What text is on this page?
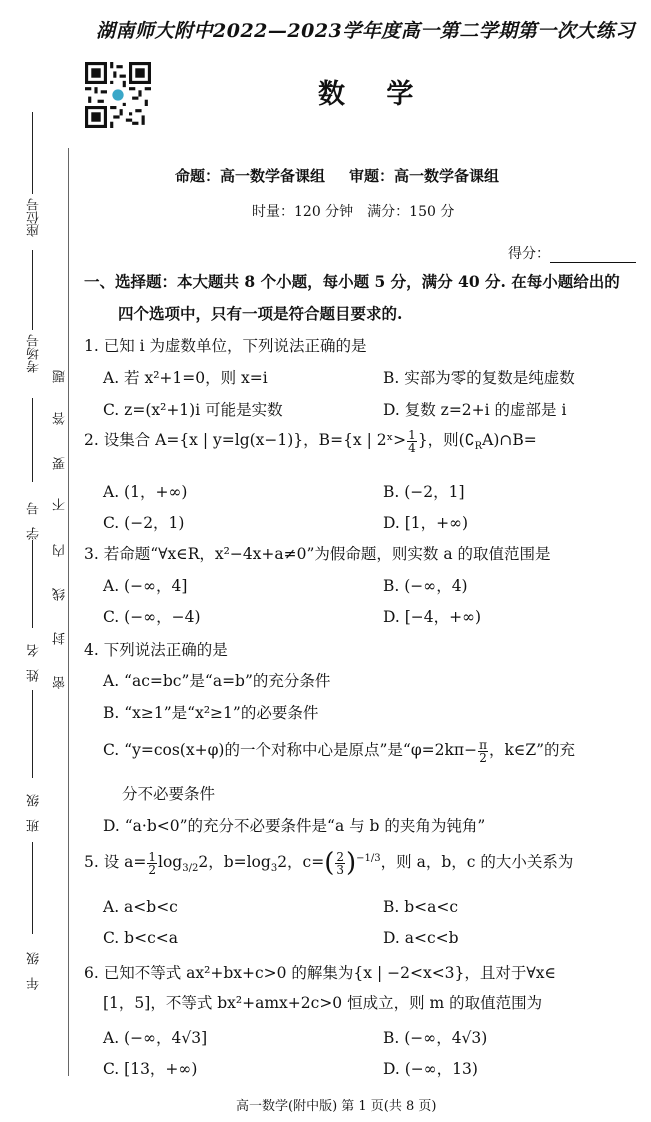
湖南师大附中2022—2023学年度高一第二学期第一次大练习
数 学
命题：高一数学备课组 审题：高一数学备课组
时量：120 分钟 满分：150 分
得分：
座位号
考场号
学号
姓名
班级
年级
题
答
要
不
内
线
封
密
一、选择题：本大题共 8 个小题，每小题 5 分，满分 40 分. 在每小题给出的
四个选项中，只有一项是符合题目要求的.
1. 已知 i 为虚数单位，下列说法正确的是
A. 若 x²+1=0，则 x=i	B. 实部为零的复数是纯虚数
C. z=(x²+1)i 可能是实数	D. 复数 z=2+i 的虚部是 i
2. 设集合 A={x | y=lg(x−1)}，B={x | 2ˣ> $\frac{1}{4}$ }，则$(∁_RA)\cap B=$
A. (1，+∞)	B. (−2，1]
C. (−2，1)	D. [1，+∞)
3. 若命题“∀x∈R，x²−4x+a≠0”为假命题，则实数 a 的取值范围是
A. (−∞，4]	B. (−∞，4)
C. (−∞，−4)	D. [−4，+∞)
4. 下列说法正确的是
A. “ac=bc”是“a=b”的充分条件
B. “x≥1”是“x²≥1”的必要条件
C. “y=cos(x+φ)的一个对称中心是原点”是“$\varphi=2k\pi- \frac{\pi}{2}$ ，k∈Z”的充
分不必要条件
D. “a·b<0”的充分不必要条件是“a 与 b 的夹角为钝角”
5. 设 $a= \frac{1}{2} \log_{3/2}2$，$b=\log_32$，$c=( \frac{2}{3} )^{-1/3}$，则 a，b，c 的大小关系为
A. a<b<c	B. b<a<c
C. b<c<a	D. a<c<b
6. 已知不等式 ax²+bx+c>0 的解集为{x | −2<x<3}，且对于∀x∈
[1，5]，不等式 bx²+amx+2c>0 恒成立，则 m 的取值范围为
A. (−∞，4√3]	B. (−∞，4√3)
C. [13，+∞)	D. (−∞，13)
高一数学(附中版) 第 1 页(共 8 页)
